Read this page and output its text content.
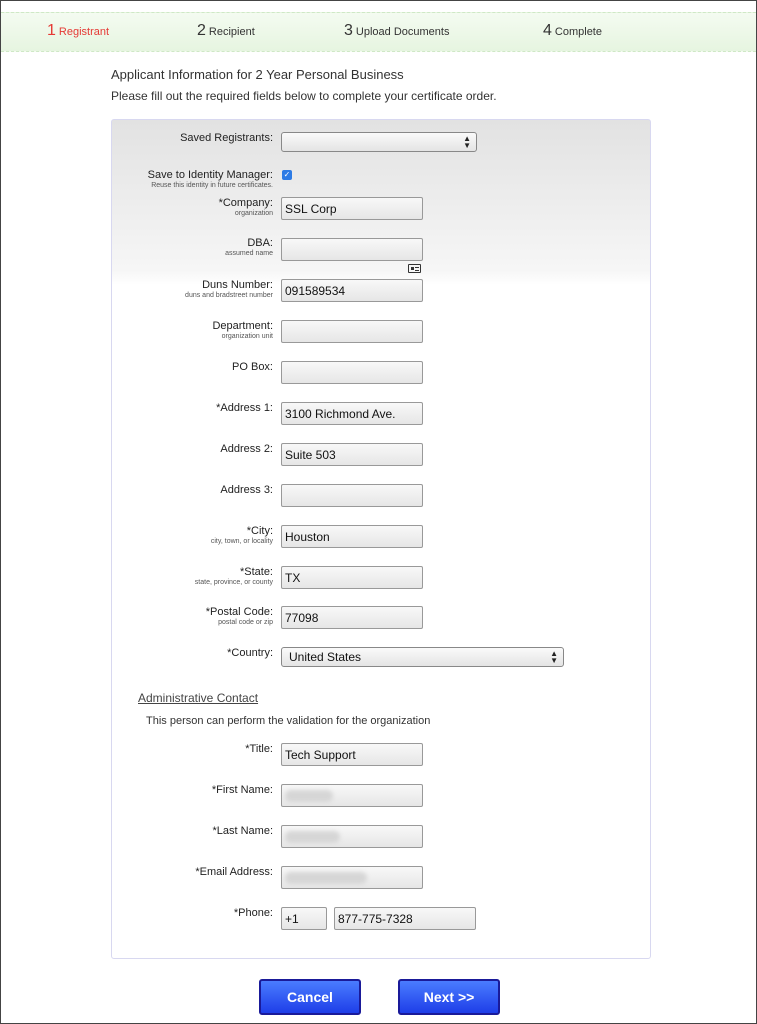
1 Registrant	2 Recipient	3 Upload Documents	4 Complete
Applicant Information for 2 Year Personal Business
Please fill out the required fields below to complete your certificate order.
Saved Registrants:	▲
▼
Save to Identity Manager:
Reuse this identity in future certificates.
✓
*Company:
organization	SSL Corp
DBA:
assumed name
Duns Number:
duns and bradstreet number	091589534
Department:
organization unit
PO Box:
*Address 1:	3100 Richmond Ave.
Address 2:	Suite 503
Address 3:
*City:
city, town, or locality	Houston
*State:
state, province, or county	TX
*Postal Code:
postal code or zip	77098
*Country:	United States	▲
▼
Administrative Contact
This person can perform the validation for the organization
*Title:	Tech Support
*First Name:
*Last Name:
*Email Address:
*Phone:	+1	877-775-7328
Cancel	Next >>
